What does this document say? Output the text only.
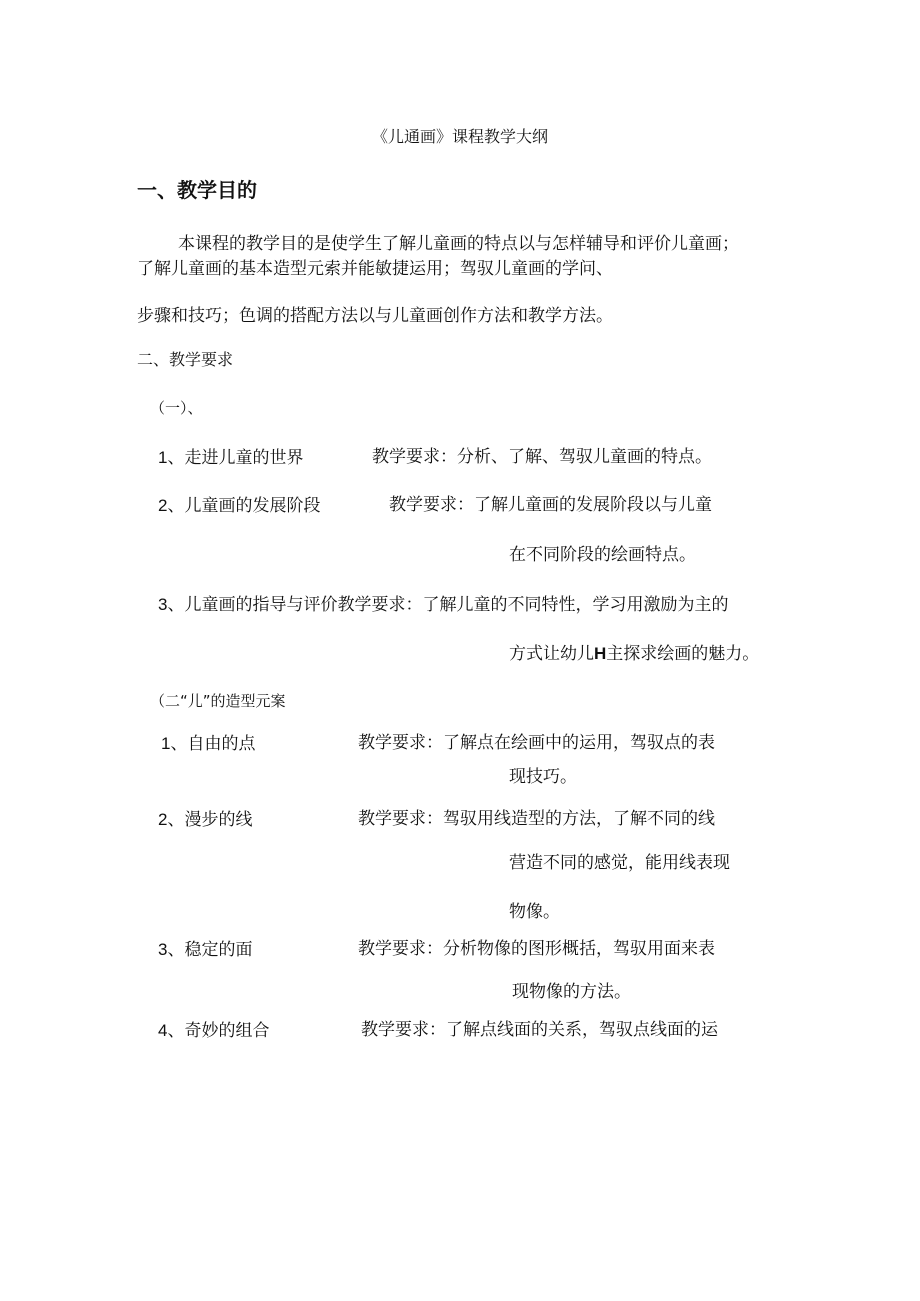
《儿通画》课程教学大纲
一、教学目的
本课程的教学目的是使学生了解儿童画的特点以与怎样辅导和评价儿童画；
了解儿童画的基本造型元索并能敏捷运用；驾驭儿童画的学问、
步骤和技巧；色调的搭配方法以与儿童画创作方法和教学方法。
二、教学要求
（一）、
1、走进儿童的世界	教学要求：分析、了解、驾驭儿童画的特点。
2、儿童画的发展阶段	教学要求：了解儿童画的发展阶段以与儿童
在不同阶段的绘画特点。
3、儿童画的指导与评价教学要求：了解儿童的不同特性，学习用激励为主的
方式让幼儿H主探求绘画的魅力。
（二“儿”的造型元案
1、自由的点	教学要求：了解点在绘画中的运用，驾驭点的表
现技巧。
2、漫步的线	教学要求：驾驭用线造型的方法，了解不同的线
营造不同的感觉，能用线表现
物像。
3、稳定的面	教学要求：分析物像的图形概括，驾驭用面来表
现物像的方法。
4、奇妙的组合	教学要求：了解点线面的关系，驾驭点线面的运
